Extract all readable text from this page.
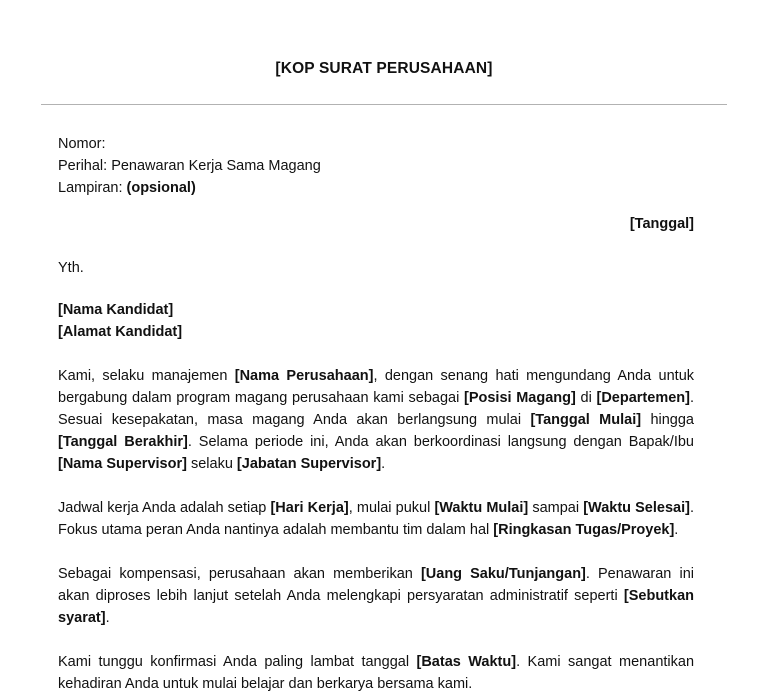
[KOP SURAT PERUSAHAAN]
Nomor:
Perihal: Penawaran Kerja Sama Magang
Lampiran: (opsional)
[Tanggal]
Yth.
[Nama Kandidat]
[Alamat Kandidat]

Kami, selaku manajemen [Nama Perusahaan], dengan senang hati mengundang Anda untuk bergabung dalam program magang perusahaan kami sebagai [Posisi Magang] di [Departemen]. Sesuai kesepakatan, masa magang Anda akan berlangsung mulai [Tanggal Mulai] hingga [Tanggal Berakhir]. Selama periode ini, Anda akan berkoordinasi langsung dengan Bapak/Ibu [Nama Supervisor] selaku [Jabatan Supervisor].

Jadwal kerja Anda adalah setiap [Hari Kerja], mulai pukul [Waktu Mulai] sampai [Waktu Selesai]. Fokus utama peran Anda nantinya adalah membantu tim dalam hal [Ringkasan Tugas/Proyek].

Sebagai kompensasi, perusahaan akan memberikan [Uang Saku/Tunjangan]. Penawaran ini akan diproses lebih lanjut setelah Anda melengkapi persyaratan administratif seperti [Sebutkan syarat].

Kami tunggu konfirmasi Anda paling lambat tanggal [Batas Waktu]. Kami sangat menantikan kehadiran Anda untuk mulai belajar dan berkarya bersama kami.
